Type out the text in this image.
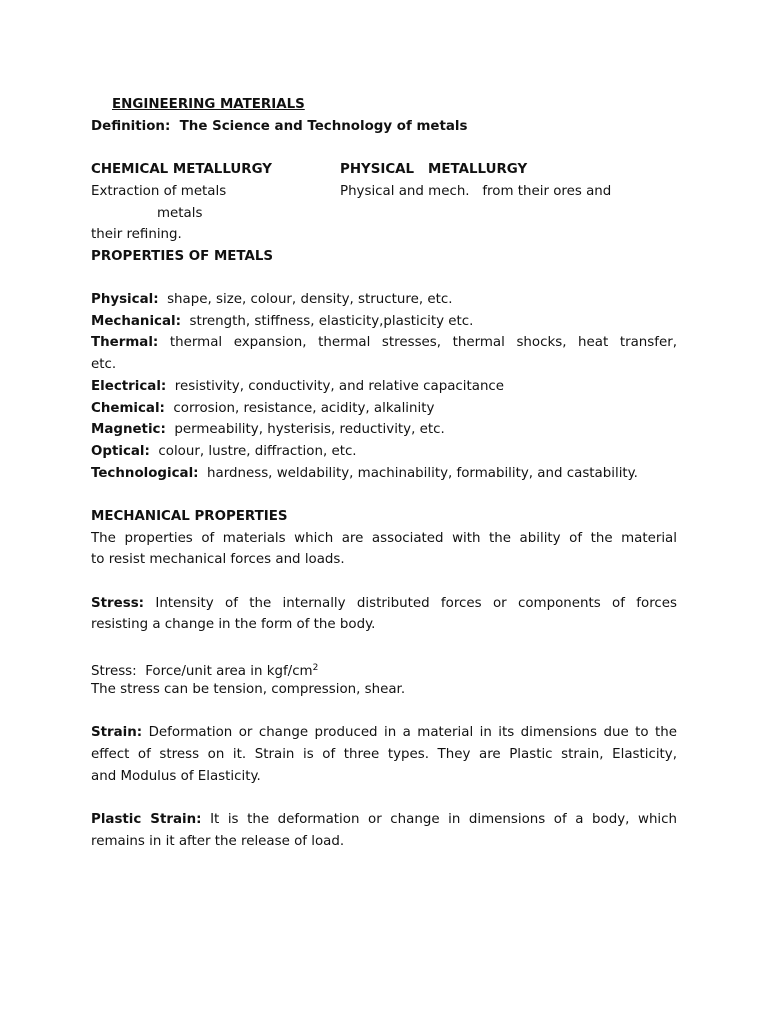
ENGINEERING MATERIALS
Definition: The Science and Technology of metals
CHEMICAL METALLURGY	PHYSICAL   METALLURGY
Extraction of metals	Physical and mech.   from their ores and
metals
their refining.
PROPERTIES OF METALS
Physical: shape, size, colour, density, structure, etc.
Mechanical: strength, stiffness, elasticity,plasticity etc.
Thermal: thermal expansion, thermal stresses, thermal shocks, heat transfer,
etc.
Electrical: resistivity, conductivity, and relative capacitance
Chemical: corrosion, resistance, acidity, alkalinity
Magnetic: permeability, hysterisis, reductivity, etc.
Optical: colour, lustre, diffraction, etc.
Technological: hardness, weldability, machinability, formability, and castability.
MECHANICAL PROPERTIES
The properties of materials which are associated with the ability of the material
to resist mechanical forces and loads.
Stress: Intensity of the internally distributed forces or components of forces
resisting a change in the form of the body.
Stress: Force/unit area in kgf/$cm^2$
The stress can be tension, compression, shear.
Strain: Deformation or change produced in a material in its dimensions due to the
effect of stress on it. Strain is of three types. They are Plastic strain, Elasticity,
and Modulus of Elasticity.
Plastic Strain: It is the deformation or change in dimensions of a body, which
remains in it after the release of load.
